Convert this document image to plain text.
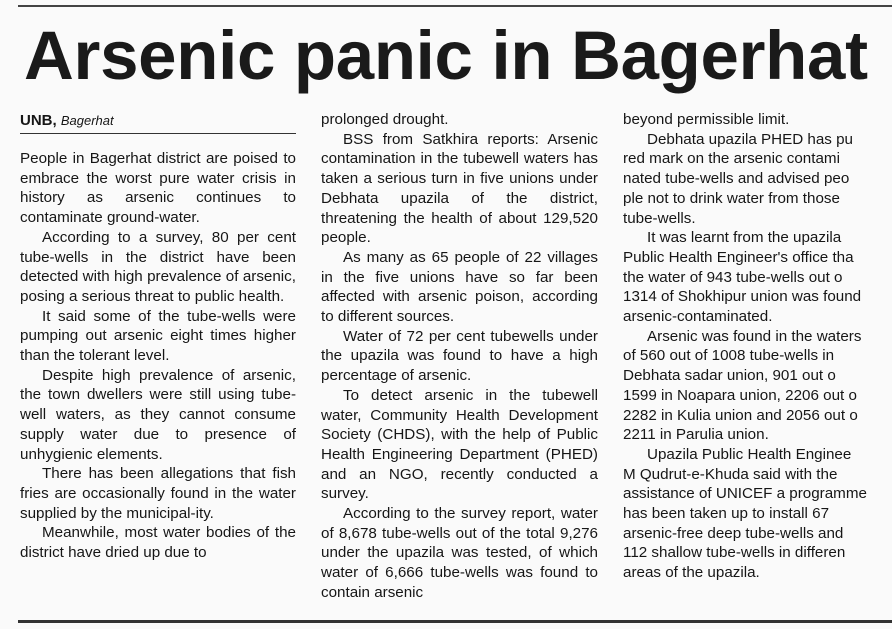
Arsenic panic in Bagerhat
UNB, Bagerhat

People in Bagerhat district are poised to embrace the worst pure water crisis in history as arsenic continues to contaminate ground-water.

According to a survey, 80 per cent tube-wells in the district have been detected with high prevalence of arsenic, posing a serious threat to public health.

It said some of the tube-wells were pumping out arsenic eight times higher than the tolerant level.

Despite high prevalence of arsenic, the town dwellers were still using tube-well waters, as they cannot consume supply water due to presence of unhygienic elements.

There has been allegations that fish fries are occasionally found in the water supplied by the municipal-ity.

Meanwhile, most water bodies of the district have dried up due to

prolonged drought.

BSS from Satkhira reports: Arsenic contamination in the tubewell waters has taken a serious turn in five unions under Debhata upazila of the district, threatening the health of about 129,520 people.

As many as 65 people of 22 villages in the five unions have so far been affected with arsenic poison, according to different sources.

Water of 72 per cent tubewells under the upazila was found to have a high percentage of arsenic.

To detect arsenic in the tubewell water, Community Health Development Society (CHDS), with the help of Public Health Engineering Department (PHED) and an NGO, recently conducted a survey.

According to the survey report, water of 8,678 tube-wells out of the total 9,276 under the upazila was tested, of which water of 6,666 tube-wells was found to contain arsenic

beyond permissible limit.

Debhata upazila PHED has pu
red mark on the arsenic contami
nated tube-wells and advised peo
ple not to drink water from those
tube-wells.

It was learnt from the upazila
Public Health Engineer's office tha
the water of 943 tube-wells out o
1314 of Shokhipur union was found
arsenic-contaminated.

Arsenic was found in the waters
of 560 out of 1008 tube-wells in
Debhata sadar union, 901 out o
1599 in Noapara union, 2206 out o
2282 in Kulia union and 2056 out o
2211 in Parulia union.

Upazila Public Health Enginee
M Qudrut-e-Khuda said with the
assistance of UNICEF a programme
has been taken up to install 67
arsenic-free deep tube-wells and
112 shallow tube-wells in differen
areas of the upazila.
